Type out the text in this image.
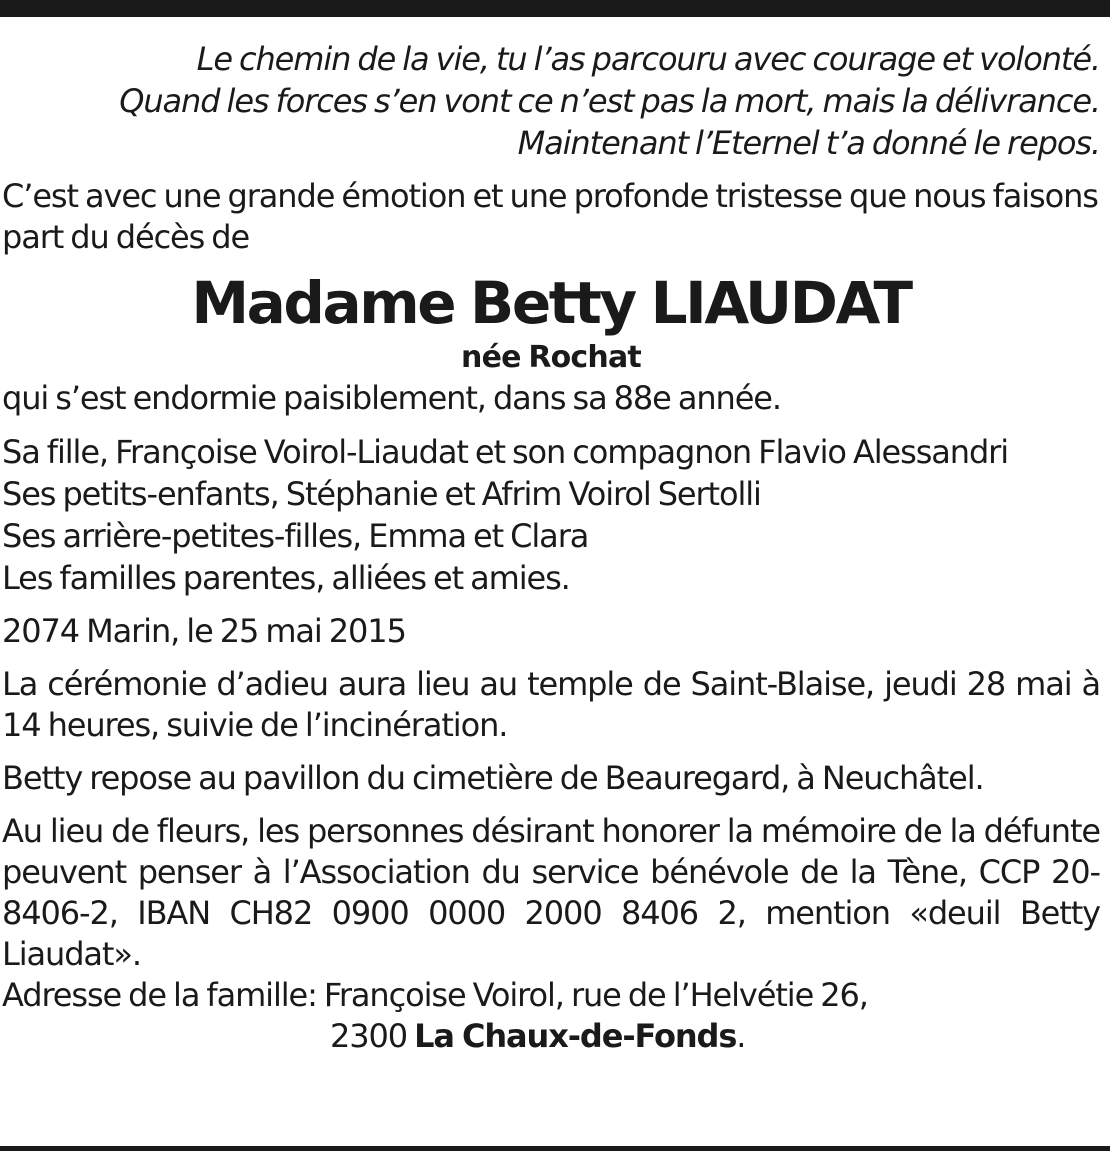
Le chemin de la vie, tu l’as parcouru avec courage et volonté.
Quand les forces s’en vont ce n’est pas la mort, mais la délivrance.
Maintenant l’Eternel t’a donné le repos.
C’est avec une grande émotion et une profonde tristesse que nous faisons part du décès de
Madame Betty LIAUDAT
née Rochat
qui s’est endormie paisiblement, dans sa 88e année.
Sa fille, Françoise Voirol-Liaudat et son compagnon Flavio Alessandri
Ses petits-enfants, Stéphanie et Afrim Voirol Sertolli
Ses arrière-petites-filles, Emma et Clara
Les familles parentes, alliées et amies.
2074 Marin, le 25 mai 2015
La cérémonie d’adieu aura lieu au temple de Saint-Blaise, jeudi 28 mai à 14 heures, suivie de l’incinération.
Betty repose au pavillon du cimetière de Beauregard, à Neuchâtel.
Au lieu de fleurs, les personnes désirant honorer la mémoire de la défunte peuvent penser à l’Association du service bénévole de la Tène, CCP 20-8406-2, IBAN CH82 0900 0000 2000 8406 2, mention «deuil Betty Liaudat».
Adresse de la famille: Françoise Voirol, rue de l’Helvétie 26,
2300 La Chaux-de-Fonds.
